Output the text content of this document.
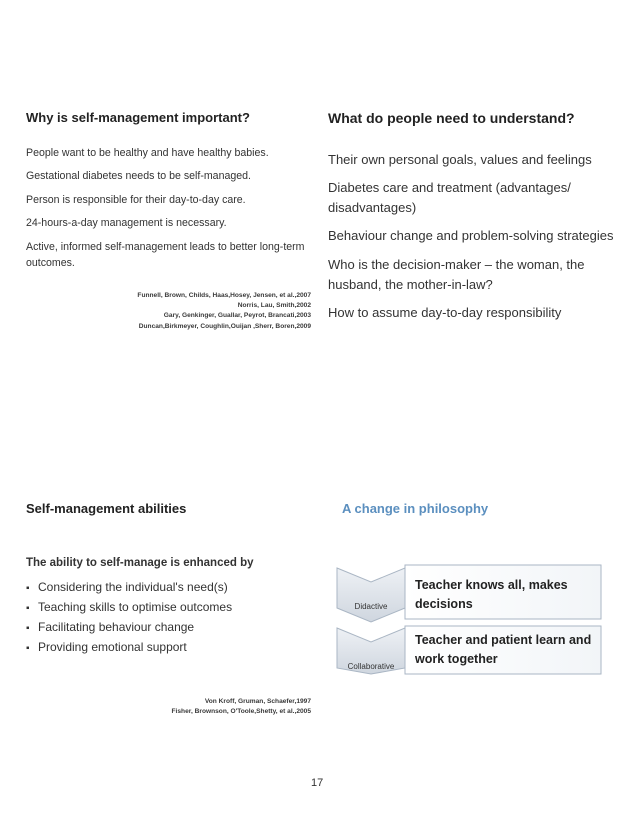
Why is self-management important?	What do people need to understand?

People want to be healthy and have healthy babies.

Gestational diabetes needs to be self-managed.

Person is responsible for their day-to-day care.

24-hours-a-day management is necessary.

Active, informed self-management leads to better long-term outcomes.

Funnell, Brown, Childs, Haas,Hosey, Jensen, et al.,2007
Norris, Lau, Smith,2002
Gary, Genkinger, Guallar, Peyrot, Brancati,2003
Duncan,Birkmeyer, Coughlin,Ouijan ,Sherr, Boren,2009

Their own personal goals, values and feelings

Diabetes care and treatment (advantages/ disadvantages)

Behaviour change and problem-solving strategies

Who is the decision-maker – the woman, the husband, the mother-in-law?

How to assume day-to-day responsibility

Self-management abilities	A change in philosophy
The ability to self-manage is enhanced by
▪ Considering the individual's need(s)
▪ Teaching skills to optimise outcomes
▪ Facilitating behaviour change
▪ Providing emotional support
Von Kroff, Gruman, Schaefer,1997
Fisher, Brownson, O'Toole,Shetty, et al.,2005
Didactive
Teacher knows all, makes
decisions
Collaborative
Teacher and patient learn and
work together
17
